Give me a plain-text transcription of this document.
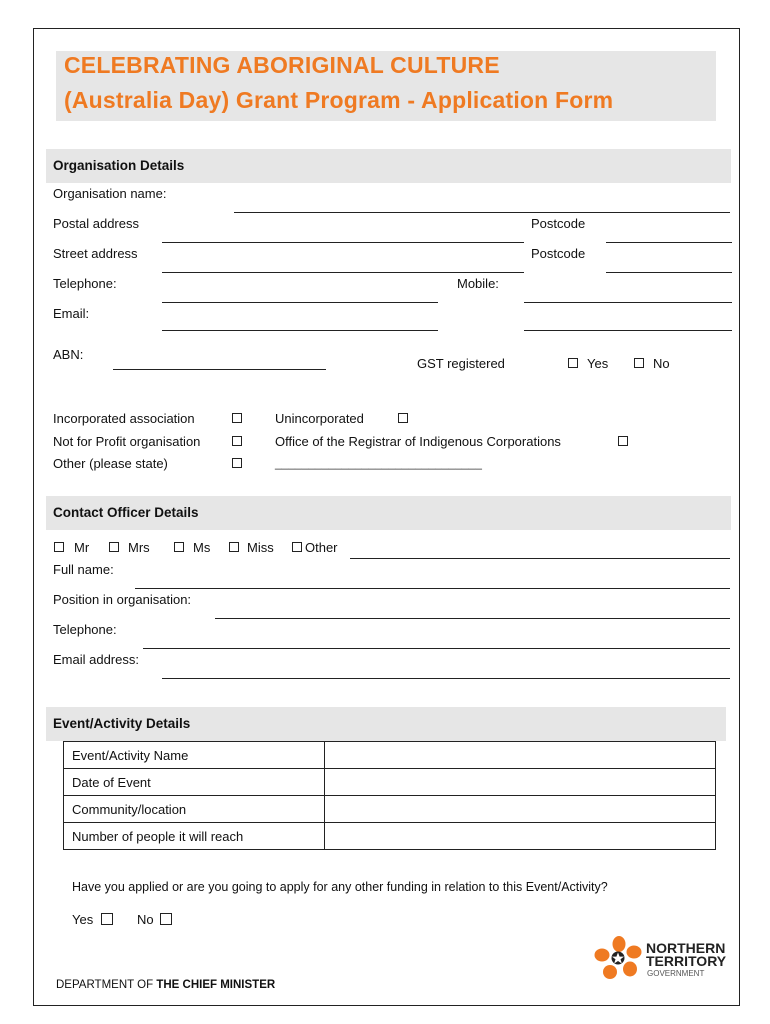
CELEBRATING ABORIGINAL CULTURE
(Australia Day) Grant Program - Application Form
Organisation Details
Organisation name:
Postal address	Postcode
Street address	Postcode
Telephone:	Mobile:
Email:
ABN:
GST registered	Yes	No
Incorporated association	Unincorporated
Not for Profit organisation	Office of the Registrar of Indigenous Corporations
Other (please state)	_______________________________
Contact Officer Details
Mr	Mrs	Ms	Miss Other
Full name:
Position in organisation:
Telephone:
Email address:
Event/Activity Details
Event/Activity Name	
Date of Event	
Community/location	
Number of people it will reach	
Have you applied or are you going to apply for any other funding in relation to this Event/Activity?
Yes	No
DEPARTMENT OF THE CHIEF MINISTER
NORTHERN
TERRITORY
GOVERNMENT
